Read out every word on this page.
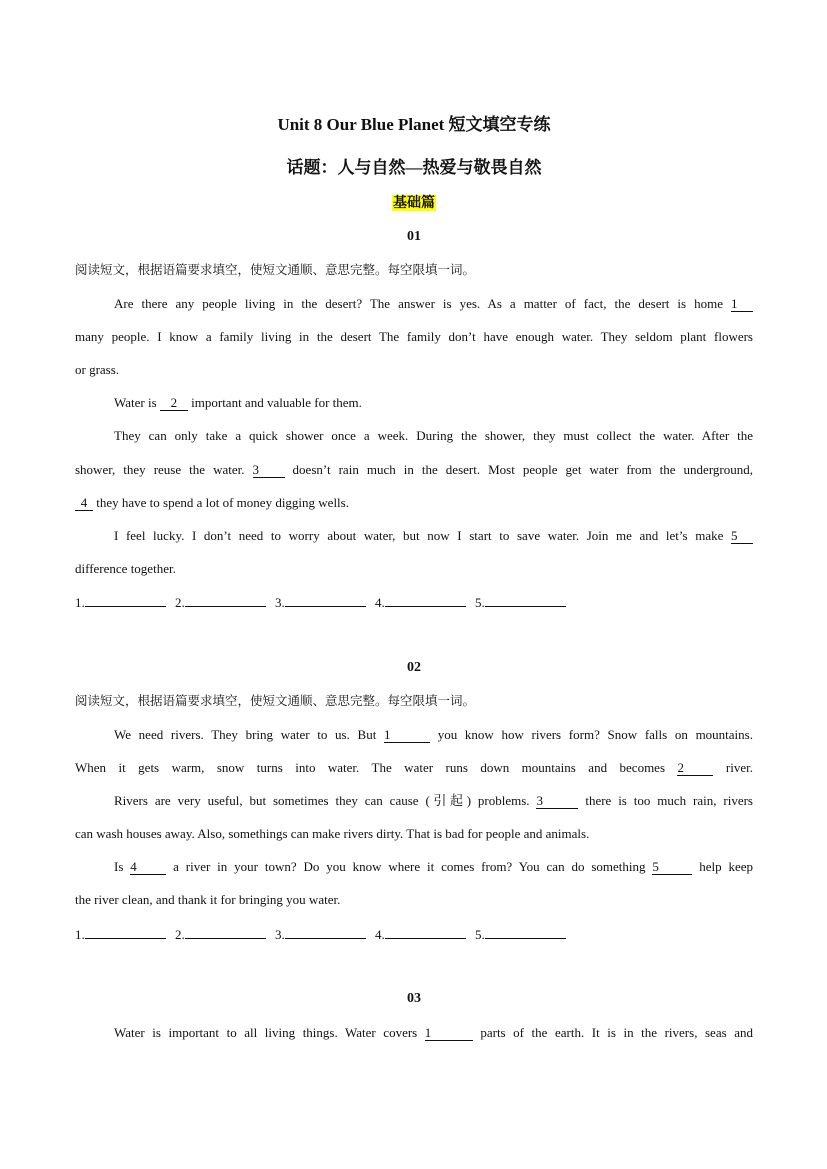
Unit 8 Our Blue Planet 短文填空专练
话题：人与自然—热爱与敬畏自然
基础篇
01
阅读短文，根据语篇要求填空，使短文通顺、意思完整。每空限填一词。
Are there any people living in the desert? The answer is yes. As a matter of fact, the desert is home 1
many people. I know a family living in the desert The family don’t have enough water. They seldom plant flowers
or grass.
Water is 2 important and valuable for them.
They can only take a quick shower once a week. During the shower, they must collect the water. After the
shower, they reuse the water. 3 doesn’t rain much in the desert. Most people get water from the underground,
4 they have to spend a lot of money digging wells.
I feel lucky. I don’t need to worry about water, but now I start to save water. Join me and let’s make 5
difference together.
1.	2.	3.	4.	5.
02
阅读短文，根据语篇要求填空，使短文通顺、意思完整。每空限填一词。
We need rivers. They bring water to us. But 1	you know how rivers form? Snow falls on mountains.
When it gets warm, snow turns into water. The water runs down mountains and becomes 2 river.
Rivers are very useful, but sometimes they can cause (引起) problems. 3	there is too much rain, rivers
can wash houses away. Also, somethings can make rivers dirty. That is bad for people and animals.
Is 4 a river in your town? Do you know where it comes from? You can do something 5	help keep
the river clean, and thank it for bringing you water.
1.	2.	3.	4.	5.
03
Water is important to all living things. Water covers 1	parts of the earth. It is in the rivers, seas and
